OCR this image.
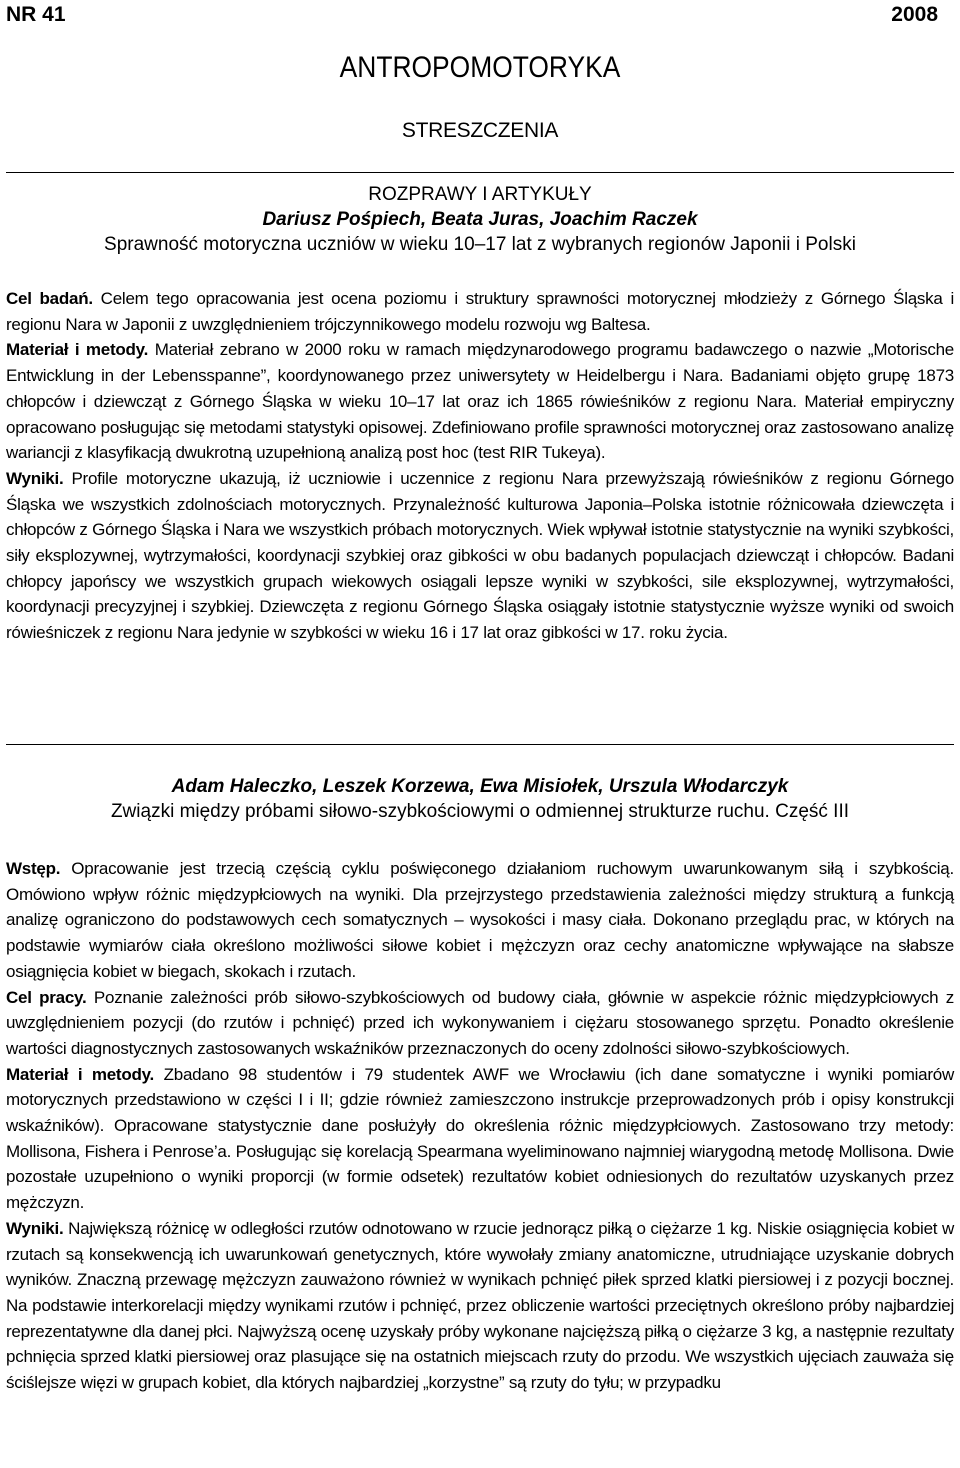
NR 41	2008
ANTROPOMOTORYKA
STRESZCZENIA
ROZPRAWY I ARTYKUŁY
Dariusz Pośpiech, Beata Juras, Joachim Raczek
Sprawność motoryczna uczniów w wieku 10–17 lat z wybranych regionów Japonii i Polski
Cel badań. Celem tego opracowania jest ocena poziomu i struktury sprawności motorycznej młodzieży z Górnego Śląska i regionu Nara w Japonii z uwzględnieniem trójczynnikowego modelu rozwoju wg Baltesa.
Materiał i metody. Materiał zebrano w 2000 roku w ramach międzynarodowego programu badawczego o nazwie „Motorische Entwicklung in der Lebensspanne”, koordynowanego przez uniwersytety w Heidelbergu i Nara. Badaniami objęto grupę 1873 chłopców i dziewcząt z Górnego Śląska w wieku 10–17 lat oraz ich 1865 rówieśników z regionu Nara. Materiał empiryczny opracowano posługując się metodami statystyki opisowej. Zdefiniowano profile sprawności motorycznej oraz zastosowano analizę wariancji z klasyfikacją dwukrotną uzupełnioną analizą post hoc (test RIR Tukeya).
Wyniki. Profile motoryczne ukazują, iż uczniowie i uczennice z regionu Nara przewyższają rówieśników z regionu Górnego Śląska we wszystkich zdolnościach motorycznych. Przynależność kulturowa Japonia–Polska istotnie różnicowała dziewczęta i chłopców z Górnego Śląska i Nara we wszystkich próbach motorycznych. Wiek wpływał istotnie statystycznie na wyniki szybkości, siły eksplozywnej, wytrzymałości, koordynacji szybkiej oraz gibkości w obu badanych populacjach dziewcząt i chłopców. Badani chłopcy japońscy we wszystkich grupach wiekowych osiągali lepsze wyniki w szybkości, sile eksplozywnej, wytrzymałości, koordynacji precyzyjnej i szybkiej. Dziewczęta z regionu Górnego Śląska osiągały istotnie statystycznie wyższe wyniki od swoich rówieśniczek z regionu Nara jedynie w szybkości w wieku 16 i 17 lat oraz gibkości w 17. roku życia.
Adam Haleczko, Leszek Korzewa, Ewa Misiołek, Urszula Włodarczyk
Związki między próbami siłowo-szybkościowymi o odmiennej strukturze ruchu. Część III
Wstęp. Opracowanie jest trzecią częścią cyklu poświęconego działaniom ruchowym uwarunkowanym siłą i szybkością. Omówiono wpływ różnic międzypłciowych na wyniki. Dla przejrzystego przedstawienia zależności między strukturą a funkcją analizę ograniczono do podstawowych cech somatycznych – wysokości i masy ciała. Dokonano przeglądu prac, w których na podstawie wymiarów ciała określono możliwości siłowe kobiet i mężczyzn oraz cechy anatomiczne wpływające na słabsze osiągnięcia kobiet w biegach, skokach i rzutach.
Cel pracy. Poznanie zależności prób siłowo-szybkościowych od budowy ciała, głównie w aspekcie różnic międzypłciowych z uwzględnieniem pozycji (do rzutów i pchnięć) przed ich wykonywaniem i ciężaru stosowanego sprzętu. Ponadto określenie wartości diagnostycznych zastosowanych wskaźników przeznaczonych do oceny zdolności siłowo-szybkościowych.
Materiał i metody. Zbadano 98 studentów i 79 studentek AWF we Wrocławiu (ich dane somatyczne i wyniki pomiarów motorycznych przedstawiono w części I i II; gdzie również zamieszczono instrukcje przeprowadzonych prób i opisy konstrukcji wskaźników). Opracowane statystycznie dane posłużyły do określenia różnic międzypłciowych. Zastosowano trzy metody: Mollisona, Fishera i Penrose’a. Posługując się korelacją Spearmana wyeliminowano najmniej wiarygodną metodę Mollisona. Dwie pozostałe uzupełniono o wyniki proporcji (w formie odsetek) rezultatów kobiet odniesionych do rezultatów uzyskanych przez mężczyzn.
Wyniki. Największą różnicę w odległości rzutów odnotowano w rzucie jednorącz piłką o ciężarze 1 kg. Niskie osiągnięcia kobiet w rzutach są konsekwencją ich uwarunkowań genetycznych, które wywołały zmiany anatomiczne, utrudniające uzyskanie dobrych wyników. Znaczną przewagę mężczyzn zauważono również w wynikach pchnięć piłek sprzed klatki piersiowej i z pozycji bocznej. Na podstawie interkorelacji między wynikami rzutów i pchnięć, przez obliczenie wartości przeciętnych określono próby najbardziej reprezentatywne dla danej płci. Najwyższą ocenę uzyskały próby wykonane najcięższą piłką o ciężarze 3 kg, a następnie rezultaty pchnięcia sprzed klatki piersiowej oraz plasujące się na ostatnich miejscach rzuty do przodu. We wszystkich ujęciach zauważa się ściślejsze więzi w grupach kobiet, dla których najbardziej „korzystne” są rzuty do tyłu; w przypadku
